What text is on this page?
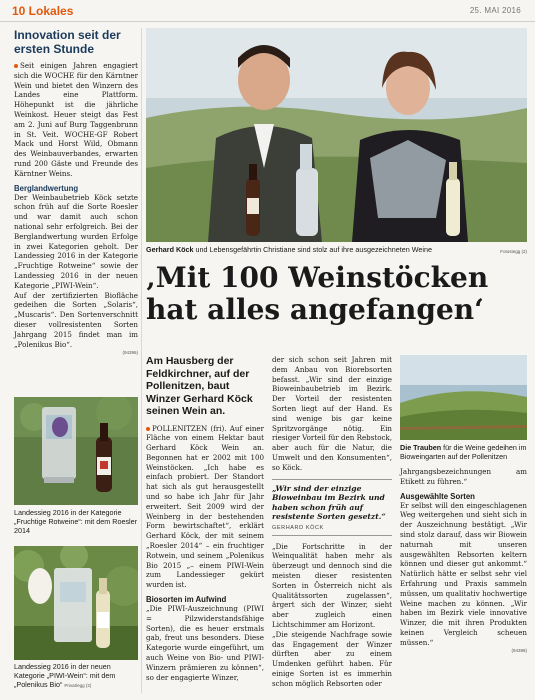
10 Lokales	25. MAI 2016
Innovation seit der ersten Stunde
Seit einigen Jahren engagiert sich die WOCHE für den Kärntner Wein und bietet den Winzern des Landes eine Plattform. Höhepunkt ist die jährliche Weinkost. Heuer steigt das Fest am 2. Juni auf Burg Taggenbrunn in St. Veit. WOCHE-GF Robert Mack und Horst Wild, Obmann des Weinbauverbandes, erwarten rund 200 Gäste und Freunde des Kärntner Weins.
Berglandwertung
Der Weinbaubetrieb Köck setzte schon früh auf die Sorte Roesler und war damit auch schon national sehr erfolgreich. Bei der Berglandwertung wurden Erfolge in zwei Kategorien geholt. Der Landessieg 2016 in der Kategorie „Fruchtige Rotweine“ sowie der Landessieg 2016 in der neuen Kategorie „PIWI-Wein“.
Auf der zertifizierten Biofläche gedeihen die Sorten „Solaris“, „Muscaris“. Den Sortenverschnitt dieser vollresistenten Sorten Jahrgang 2015 findet man im „Polenikus Bio“.
(94396)
Landessieg 2016 in der Kategorie „Fruchtige Rotweine“: mit dem Roesler 2014
Landessieg 2016 in der neuen Kategorie „PIWI-Wein“: mit dem „Polenikus Bio“ Privat/egg (2)
Gerhard Köck und Lebensgefährtin Christiane sind stolz auf ihre ausgezeichneten Weine	Fotostegg (2)
‚Mit 100 Weinstöcken hat alles angefangen‘
Am Hausberg der Feldkirchner, auf der Pollenitzen, baut Winzer Gerhard Köck seinen Wein an.
POLLENITZEN (fri). Auf einer Fläche von einem Hektar baut Gerhard Köck Wein an. Begonnen hat er 2002 mit 100 Weinstöcken. „Ich habe es einfach probiert. Der Standort hat sich als gut herausgestellt und so habe ich Jahr für Jahr erweitert. Seit 2009 wird der Weinberg in der bestehenden Form bewirtschaftet“, erklärt Gerhard Köck, der mit seinem „Roesler 2014“ – ein fruchtiger Rotwein, und seinem „Polenikus Bio 2015 „– einem PIWI-Wein zum Landessieger gekürt wurden ist.
Biosorten im Aufwind
„Die PIWI-Auszeichnung (PIWI = Pilzwiderstandsfähige Sorten), die es heuer erstmals gab, freut uns besonders. Diese Kategorie wurde eingeführt, um auch Weine von Bio- und PIWI-Winzern prämieren zu können“, so der engagierte Winzer,
der sich schon seit Jahren mit dem Anbau von Biorebsorten befasst. „Wir sind der einzige Bioweinbaubetrieb im Bezirk. Der Vorteil der resistenten Sorten liegt auf der Hand. Es sind wenige bis gar keine Spritzvorgänge nötig. Ein riesiger Vorteil für den Rebstock, aber auch für die Natur, die Umwelt und den Konsumenten“, so Köck.
„Wir sind der einzige Bioweinbau im Bezirk und haben schon früh auf resistente Sorten gesetzt.“
GERHARD KÖCK
„Die Fortschritte in der Weinqualität haben mehr als überzeugt und dennoch sind die meisten dieser resistenten Sorten in Österreich nicht als Qualitätssorten zugelassen“, ärgert sich der Winzer, sieht aber zugleich einen Lichtschimmer am Horizont.
„Die steigende Nachfrage sowie das Engagement der Winzer dürften aber zu einem Umdenken geführt haben. Für einige Sorten ist es immerhin schon möglich Rebsorten oder
Die Trauben für die Weine gedeihen im Bioweingarten auf der Pollenitzen
Jahrgangsbezeichnungen am Etikett zu führen.“
Ausgewählte Sorten
Er selbst will den eingeschlagenen Weg weitergehen und sieht sich in der Auszeichnung bestätigt. „Wir sind stolz darauf, dass wir Biowein naturnah mit unseren ausgewählten Rebsorten keltern können und dieser gut ankommt.“ Natürlich hätte er selbst sehr viel Erfahrung und Praxis sammeln müssen, um qualitativ hochwertige Weine machen zu können. „Wir haben im Bezirk viele innovative Winzer, die mit ihren Produkten keinen Vergleich scheuen müssen.“
(94398)
